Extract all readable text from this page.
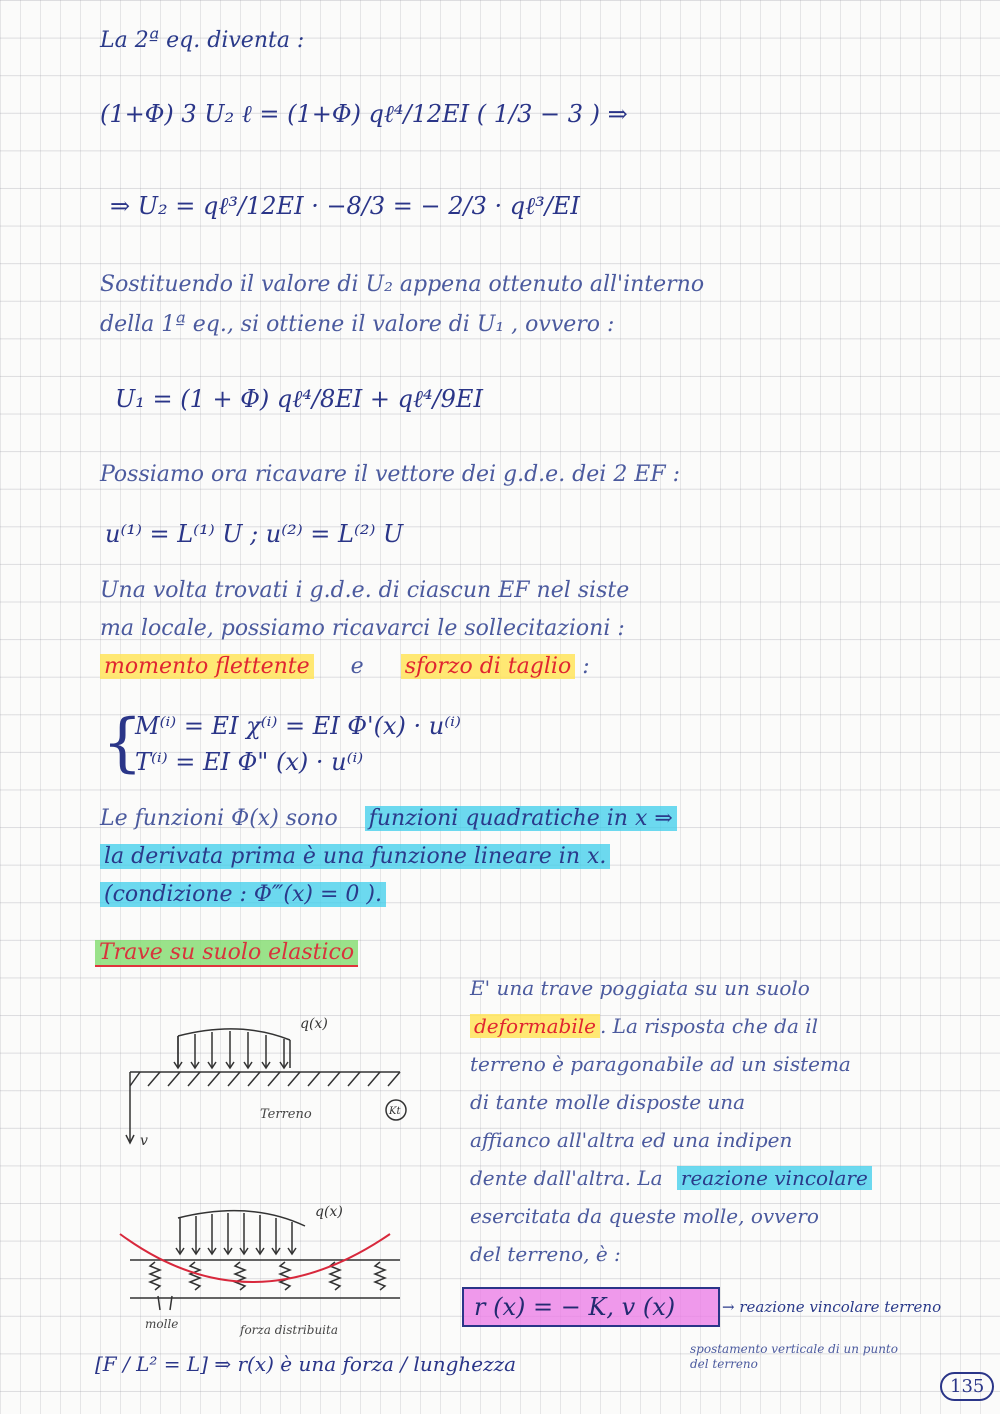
La 2ª eq. diventa :
(1+Φ) 3 U₂ ℓ = (1+Φ) qℓ⁴/12EI ( 1/3 − 3 ) ⇒
⇒ U₂ = qℓ³/12EI · −8/3 = − 2/3 · qℓ³/EI
Sostituendo il valore di U₂ appena ottenuto all'interno
della 1ª eq., si ottiene il valore di U₁ , ovvero :
U₁ = (1 + Φ) qℓ⁴/8EI + qℓ⁴/9EI
Possiamo ora ricavare il vettore dei g.d.e. dei 2 EF :
u⁽¹⁾ = L⁽¹⁾ U ; u⁽²⁾ = L⁽²⁾ U
Una volta trovati i g.d.e. di ciascun EF nel siste
ma locale, possiamo ricavarci le sollecitazioni :
momento flettente e sforzo di taglio :
{
M⁽ⁱ⁾ = EI χ⁽ⁱ⁾ = EI Φ'(x) · u⁽ⁱ⁾
T⁽ⁱ⁾ = EI Φ" (x) · u⁽ⁱ⁾
Le funzioni Φ(x) sono funzioni quadratiche in x ⇒
la derivata prima è una funzione lineare in x.
(condizione : Φ‴(x) = 0 ).
Trave su suolo elastico
q(x)
Terreno	Kt
v
q(x)
molle	forza distribuita
E' una trave poggiata su un suolo
deformabile . La risposta che da il
terreno è paragonabile ad un sistema
di tante molle disposte una
affianco all'altra ed una indipen
dente dall'altra. La reazione vincolare
esercitata da queste molle, ovvero
del terreno, è :
r (x) = − K, v (x)	→ reazione vincolare terreno
spostamento verticale di un punto del terreno
[F / L² = L] ⇒ r(x) è una forza / lunghezza
135
